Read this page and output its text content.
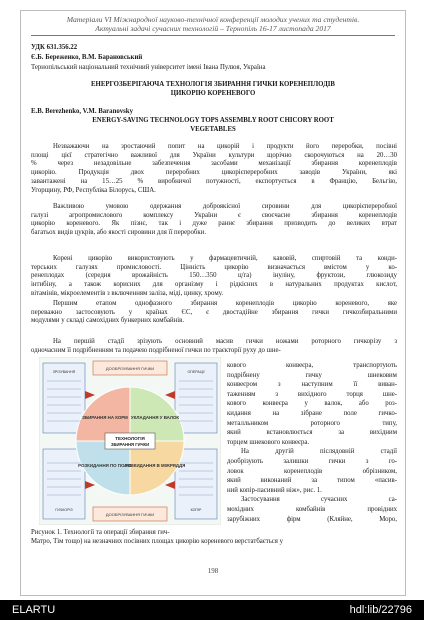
Матеріали VI Міжнародної науково-технічної конференції молодих учених та студентів.
Актуальні задачі сучасних технологій – Тернопіль 16-17 листопада 2017
УДК 631.356.22
Є.Б. Береженко, В.М. Барановський
Тернопільський національний технічний університет імені Івана Пулюя, Україна
ЕНЕРГОЗБЕРІГАЮЧА ТЕХНОЛОГІЯ ЗБИРАННЯ ГИЧКИ КОРЕНЕПЛОДІВ
ЦИКОРІЮ КОРЕНЕВОГО
E.B. Berezhenko, V.M. Baranovsky
ENERGY-SAVING TECHNOLOGY TOPS ASSEMBLY ROOT CHICORY ROOT
VEGETABLES
Незважаючи на зростаючий попит на цикорій і продукти його переробки, посівні
площі цієї стратегічно важливої для України культури щорічно скорочуються на 20…30
% через незадовільне забезпечення засобами механізації збирання коренеплодів
цикорію. Продукція двох переробних цикорієпереробних заводів України, які
завантажені на 15…25 % виробничої потужності, експортується в Францію, Бельгію,
Угорщину, РФ, Республіка Білорусь, США.
Важливою умовою одержання доброякісної сировини для цикорієпереробної
галузі агропромислового комплексу України є своєчасне збирання коренеплодів
цикорію кореневого. Як пізнє, так і дуже раннє збирання призводить до великих втрат
багатьох видів цукрів, або якості сировини для її переробки.
Корені цикорію використовують у фармацевтичній, кавовій, спиртовій та конди-
терських галузях промисловості. Цінність цикорію визначається вмістом у ко-
ренеплодах (середня врожайність 150…350 ц/га) інуліну, фруктози, глюкозиду
інтибіну, а також корисних для організму і рідкісних в натуральних продуктах кислот,
вітамінів, мікроелементів з включенням заліза, міді, цинку, хрому.
Першим етапом однофазного збирання коренеплодів цикорію кореневого, яке
переважно застосовують у країнах ЄС, є двостадійне збирання гички гичкозбиральними
модулями у складі самохідних бункерних комбайнів.
На першій стадії зрізують основний масив гички ножами роторного гичкорізу з
одночасним її подрібненням та подачею подрібненої гички по траєкторії руху до шне-
кового конвеєра, транспортують
подрібнену гичку шнековим
конвеєром з наступним її виван-
таженням з вихідного торця шне-
кового конвеєра у валок, або роз-
кидання на зібране поле гичко-
металльником роторного типу,
який встановлюється за вихідним
торцем шнекового конвеєра.
На другій післядовній стадії
дообрізують залишки гички з го-
ловок коренеплодів обрізником,
який виконаний за типом «пасив-
ний копір-пасивний ніж», рис. 1.
Застосування сучасних са-
мохідних комбайнів провідних
зарубіжних фірм (Кляйне, Моро,
ТЕХНОЛОГІЯ
ЗБИРАННЯ ГИЧКИ
ЗБИРАННЯ НА КОРМ УКЛАДАННЯ У ВАЛОК
РОЗКИДАННЯ ПО ПОЛЮ
РОЗКИДАННЯ В МІЖРЯДДЯ
ДООБРІЗУВАННЯ ГИЧКИ
ДООБРІЗУВАННЯ ГИЧКИ
ЗРІЗУВАННЯ	ОПЕРАЦІЇ
ГИЧКОРІЗ	КОПІР
Рисунок 1. Технології та операції збирання гич-
Матро, Тім тощо) на незначних посівних площах цикорію кореневого верстатбається у
198
ELARTU	hdl:lib/22796
